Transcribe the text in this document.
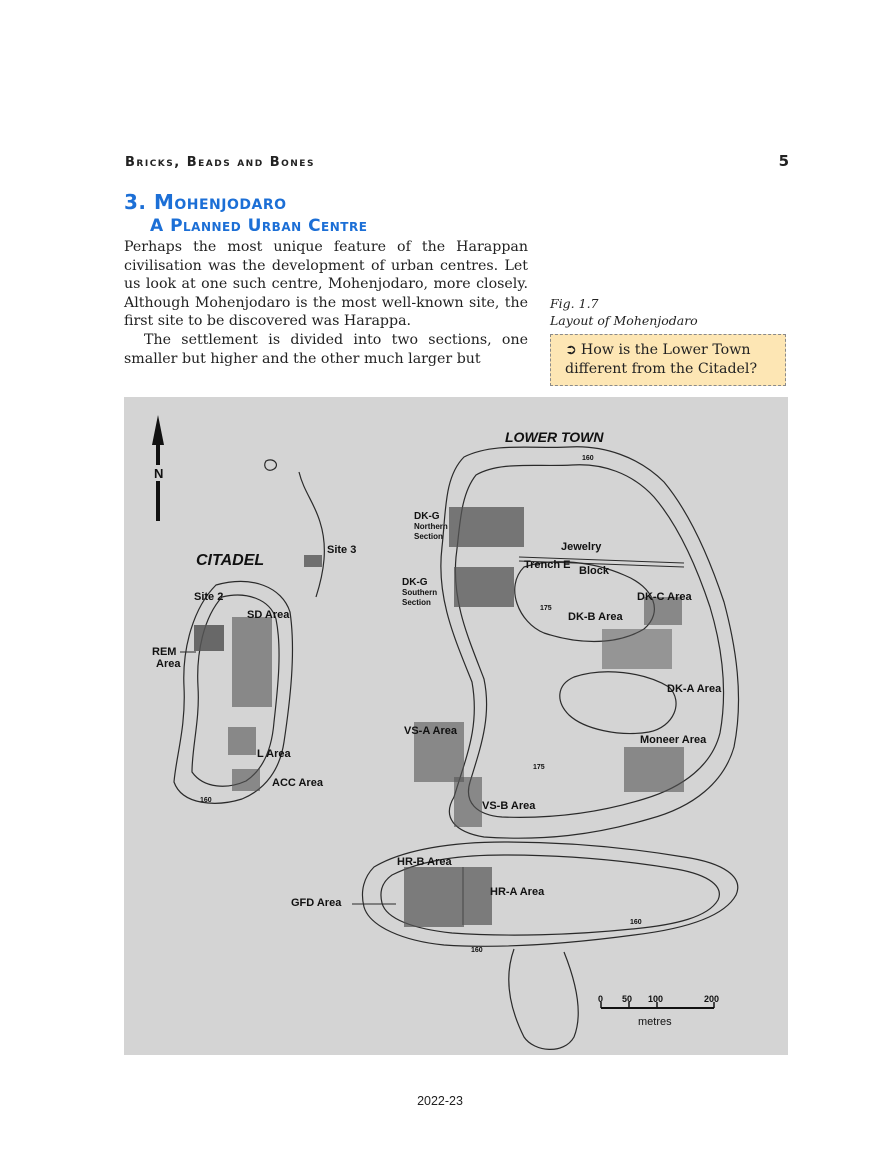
Bricks, Beads and Bones	5
3. Mohenjodaro
A Planned Urban Centre

Perhaps the most unique feature of the Harappan civilisation was the development of urban centres. Let us look at one such centre, Mohenjodaro, more closely. Although Mohenjodaro is the most well-known site, the first site to be discovered was Harappa.

The settlement is divided into two sections, one smaller but higher and the other much larger but

Fig. 1.7
Layout of Mohenjodaro
➲ How is the Lower Town different from the Citadel?
N
0 50 100	200
metres
LOWER TOWN
CITADEL
Site 3
Site 2
SD Area
REM
Area
L Area
ACC Area
DK-G
Northern
Section
DK-G
Southern
Section
Jewelry
Block
Trench E
DK-C Area
DK-B Area
DK-A Area
VS-A Area
VS-B Area
Moneer Area
HR-B Area
HR-A Area
GFD Area
160
175
175
160
160
160
2022-23
